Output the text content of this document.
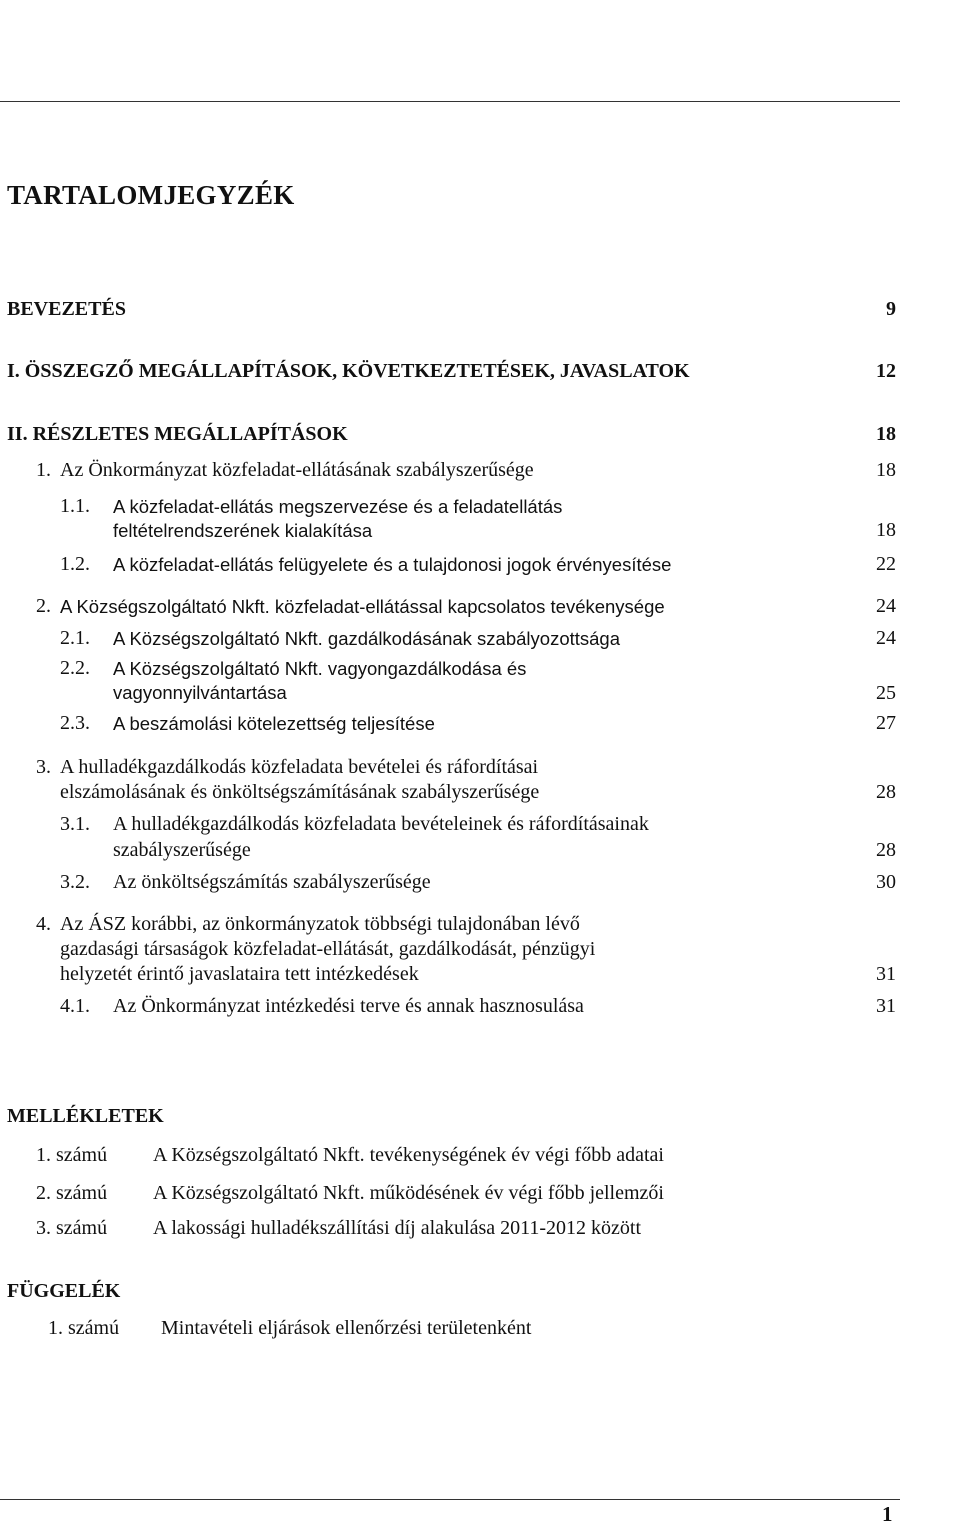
TARTALOMJEGYZÉK
BEVEZETÉS	9
I. ÖSSZEGZŐ MEGÁLLAPÍTÁSOK, KÖVETKEZTETÉSEK, JAVASLATOK	12
II. RÉSZLETES MEGÁLLAPÍTÁSOK	18
1. Az Önkormányzat közfeladat-ellátásának szabályszerűsége	18
1.1. A közfeladat-ellátás megszervezése és a feladatellátás
feltételrendszerének kialakítása	18
1.2. A közfeladat-ellátás felügyelete és a tulajdonosi jogok érvényesítése	22
2. A Községszolgáltató Nkft. közfeladat-ellátással kapcsolatos tevékenysége	24
2.1. A Községszolgáltató Nkft. gazdálkodásának szabályozottsága	24
2.2. A Községszolgáltató Nkft. vagyongazdálkodása és
vagyonnyilvántartása	25
2.3. A beszámolási kötelezettség teljesítése	27
3. A hulladékgazdálkodás közfeladata bevételei és ráfordításai
elszámolásának és önköltségszámításának szabályszerűsége	28
3.1. A hulladékgazdálkodás közfeladata bevételeinek és ráfordításainak
szabályszerűsége	28
3.2. Az önköltségszámítás szabályszerűsége	30
4. Az ÁSZ korábbi, az önkormányzatok többségi tulajdonában lévő
gazdasági társaságok közfeladat-ellátását, gazdálkodását, pénzügyi
helyzetét érintő javaslataira tett intézkedések	31
4.1. Az Önkormányzat intézkedési terve és annak hasznosulása	31
MELLÉKLETEK
1. számú A Községszolgáltató Nkft. tevékenységének év végi főbb adatai
2. számú A Községszolgáltató Nkft. működésének év végi főbb jellemzői
3. számú A lakossági hulladékszállítási díj alakulása 2011-2012 között
FÜGGELÉK
1. számú Mintavételi eljárások ellenőrzési területenként
1
